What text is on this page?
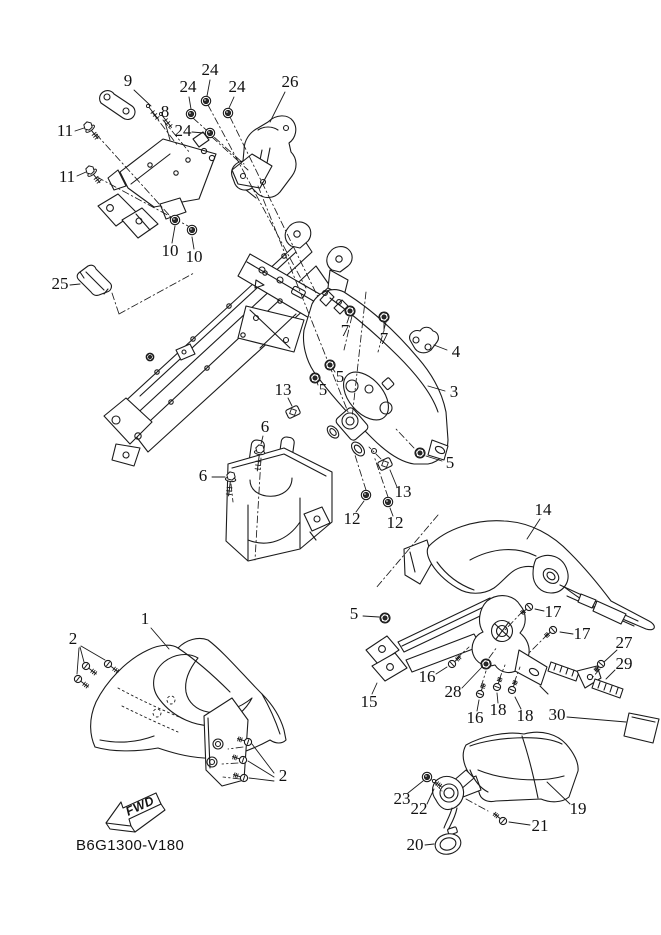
9
24
24 24 26
8
11	24
11
10 10
25
7 7
4
5
5
13	3
6
5
6
13
12 12
14
5	17
17 27
29
16
28
15
16 18 18 30
19
23
22
20
21
1
2
2
FWD
B6G1300-V180
